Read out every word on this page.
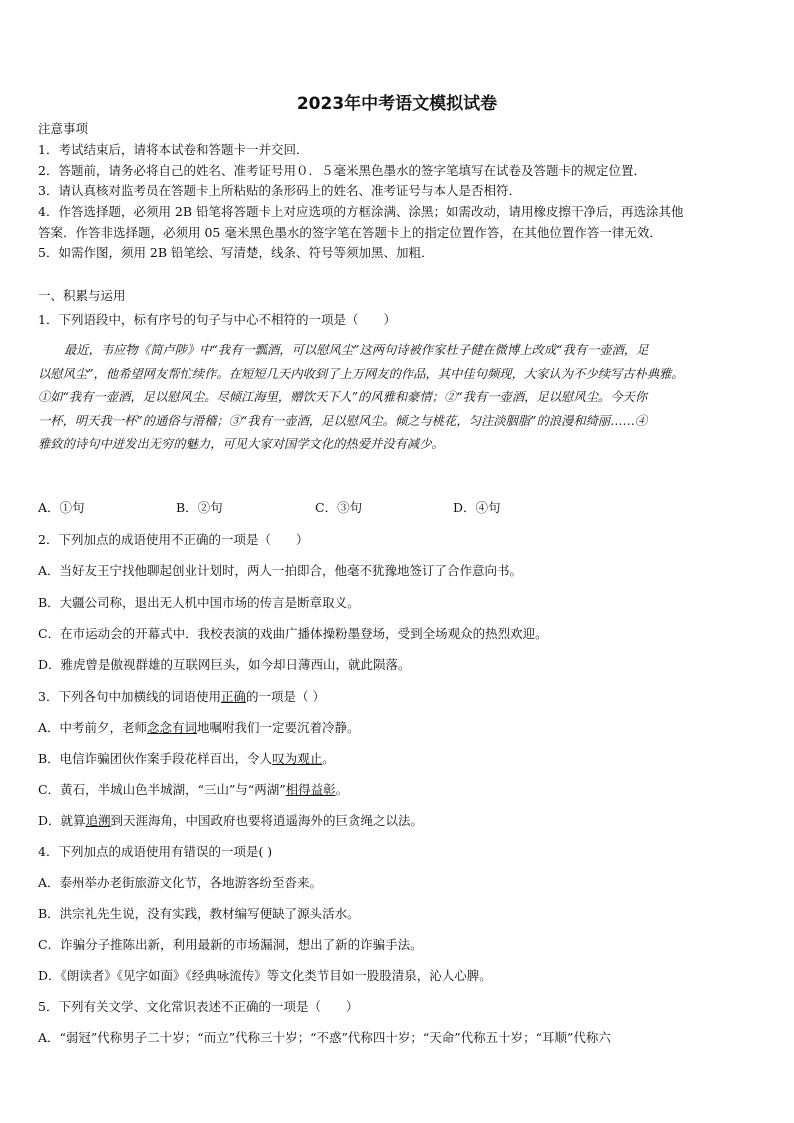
2023年中考语文模拟试卷
注意事项
1．考试结束后，请将本试卷和答题卡一并交回．
2．答题前，请务必将自己的姓名、准考证号用０．５毫米黑色墨水的签字笔填写在试卷及答题卡的规定位置．
3．请认真核对监考员在答题卡上所粘贴的条形码上的姓名、准考证号与本人是否相符．
4．作答选择题，必须用 2B 铅笔将答题卡上对应选项的方框涂满、涂黑；如需改动，请用橡皮擦干净后，再选涂其他
答案．作答非选择题，必须用 05 毫米黑色墨水的签字笔在答题卡上的指定位置作答，在其他位置作答一律无效．
5．如需作图，须用 2B 铅笔绘、写清楚，线条、符号等须加黑、加粗．
一、积累与运用
1．下列语段中，标有序号的句子与中心不相符的一项是（　　）
最近，韦应物《简卢陟》中“我有一瓢酒，可以慰风尘”这两句诗被作家杜子健在微博上改成“我有一壶酒，足
以慰风尘”，他希望网友帮忙续作。在短短几天内收到了上万网友的作品，其中佳句频现，大家认为不少续写古朴典雅。
①如“我有一壶酒，足以慰风尘。尽倾江海里，赠饮天下人”的风雅和豪情；②“我有一壶酒，足以慰风尘。今天你
一杯，明天我一杯”的通俗与滑稽；③“我有一壶酒，足以慰风尘。倾之与桃花，匀注淡胭脂”的浪漫和绮丽……④
雅致的诗句中迸发出无穷的魅力，可见大家对国学文化的热爱并没有减少。
A．①句	B．②句	C．③句	D．④句
2．下列加点的成语使用不正确的一项是（　　）
A．当好友王宁找他聊起创业计划时，两人一拍即合，他毫不犹豫地签订了合作意向书。
B．大疆公司称，退出无人机中国市场的传言是断章取义。
C．在市运动会的开幕式中．我校表演的戏曲广播体操粉墨登场，受到全场观众的热烈欢迎。
D．雅虎曾是傲视群雄的互联网巨头，如今却日薄西山，就此陨落。
3．下列各句中加横线的词语使用正确的一项是（ ）
A．中考前夕，老师念念有词地嘱咐我们一定要沉着冷静。
B．电信诈骗团伙作案手段花样百出，令人叹为观止。
C．黄石，半城山色半城湖，“三山”与“两湖”相得益彰。
D．就算追溯到天涯海角，中国政府也要将逍遥海外的巨贪绳之以法。
4．下列加点的成语使用有错误的一项是( )
A．泰州举办老街旅游文化节，各地游客纷至沓来。
B．洪宗礼先生说，没有实践，教材编写便缺了源头活水。
C．诈骗分子推陈出新，利用最新的市场漏洞，想出了新的诈骗手法。
D．《朗读者》《见字如面》《经典咏流传》等文化类节目如一股股清泉，沁人心脾。
5．下列有关文学、文化常识表述不正确的一项是（　　）
A．“弱冠”代称男子二十岁；“而立”代称三十岁；“不惑”代称四十岁；“天命”代称五十岁；“耳顺”代称六
